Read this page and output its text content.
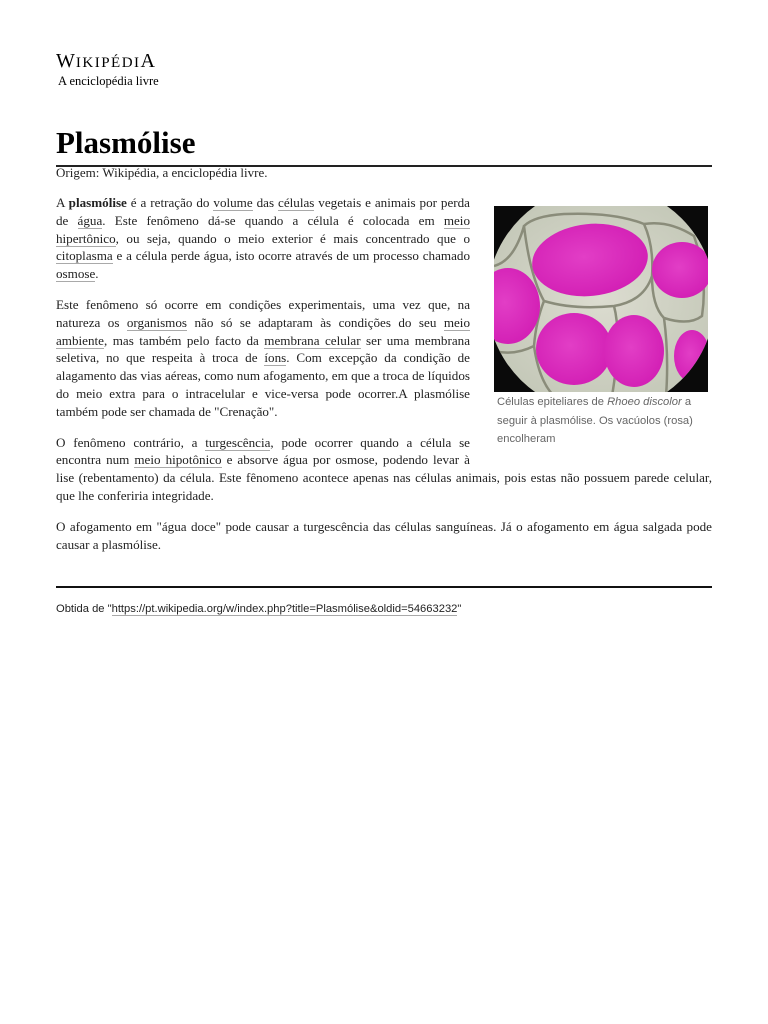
WIKIPÉDIA
A enciclopédia livre
Plasmólise
Origem: Wikipédia, a enciclopédia livre.
Células epiteliares de Rhoeo discolor a seguir à plasmólise. Os vacúolos (rosa) encolheram

A plasmólise é a retração do volume das células vegetais e animais por perda de água. Este fenômeno dá-se quando a célula é colocada em meio hipertônico, ou seja, quando o meio exterior é mais concentrado que o citoplasma e a célula perde água, isto ocorre através de um processo chamado osmose.

Este fenômeno só ocorre em condições experimentais, uma vez que, na natureza os organismos não só se adaptaram às condições do seu meio ambiente, mas também pelo facto da membrana celular ser uma membrana seletiva, no que respeita à troca de íons. Com excepção da condição de alagamento das vias aéreas, como num afogamento, em que a troca de líquidos do meio extra para o intracelular e vice-versa pode ocorrer.A plasmólise também pode ser chamada de "Crenação".

O fenômeno contrário, a turgescência, pode ocorrer quando a célula se encontra num meio hipotônico e absorve água por osmose, podendo levar à lise (rebentamento) da célula. Este fênomeno acontece apenas nas células animais, pois estas não possuem parede celular, que lhe conferiria integridade.

O afogamento em "água doce" pode causar a turgescência das células sanguíneas. Já o afogamento em água salgada pode causar a plasmólise.

Obtida de "https://pt.wikipedia.org/w/index.php?title=Plasmólise&oldid=54663232"
